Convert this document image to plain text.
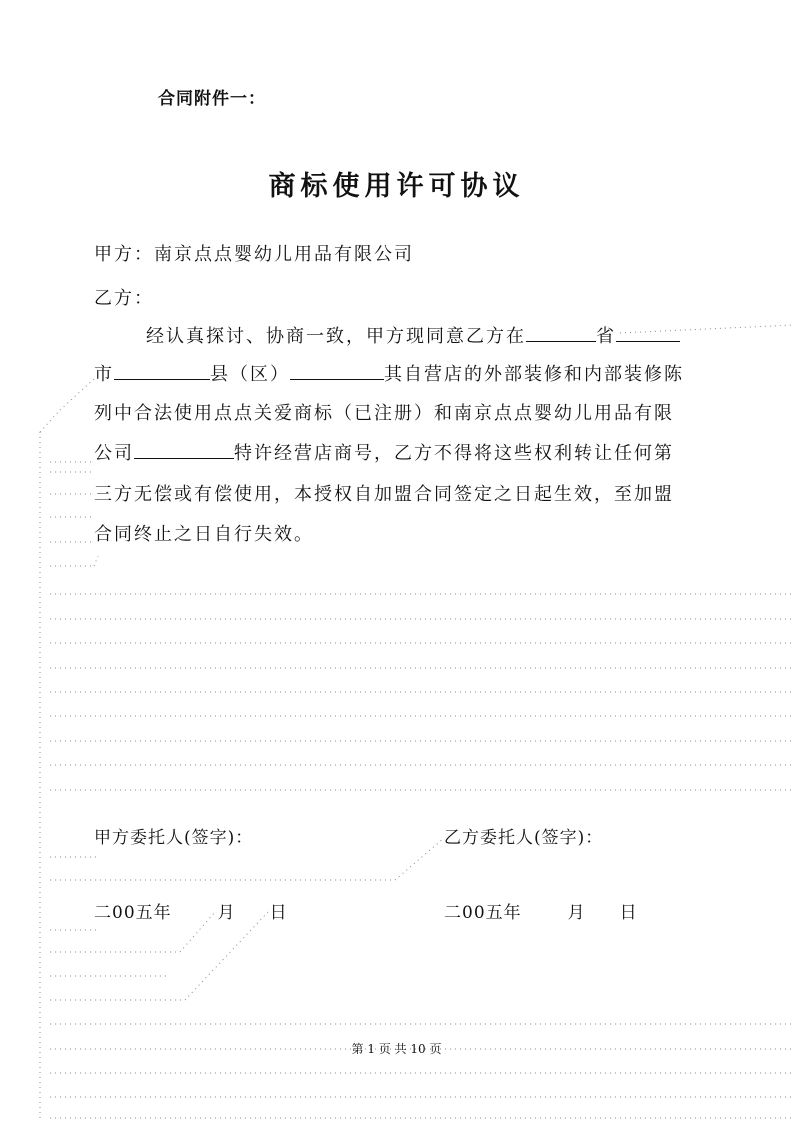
合同附件一：
商标使用许可协议
甲方：南京点点婴幼儿用品有限公司
乙方：
经认真探讨、协商一致，甲方现同意乙方在	省
市	县（区）	其自营店的外部装修和内部装修陈
列中合法使用点点关爱商标（已注册）和南京点点婴幼儿用品有限
公司	特许经营店商号，乙方不得将这些权利转让任何第
三方无偿或有偿使用，本授权自加盟合同签定之日起生效，至加盟
合同终止之日自行失效。
甲方委托人(签字)：	乙方委托人(签字)：
二00五年	月 日	二00五年	月 日
第 1 页 共 10 页
